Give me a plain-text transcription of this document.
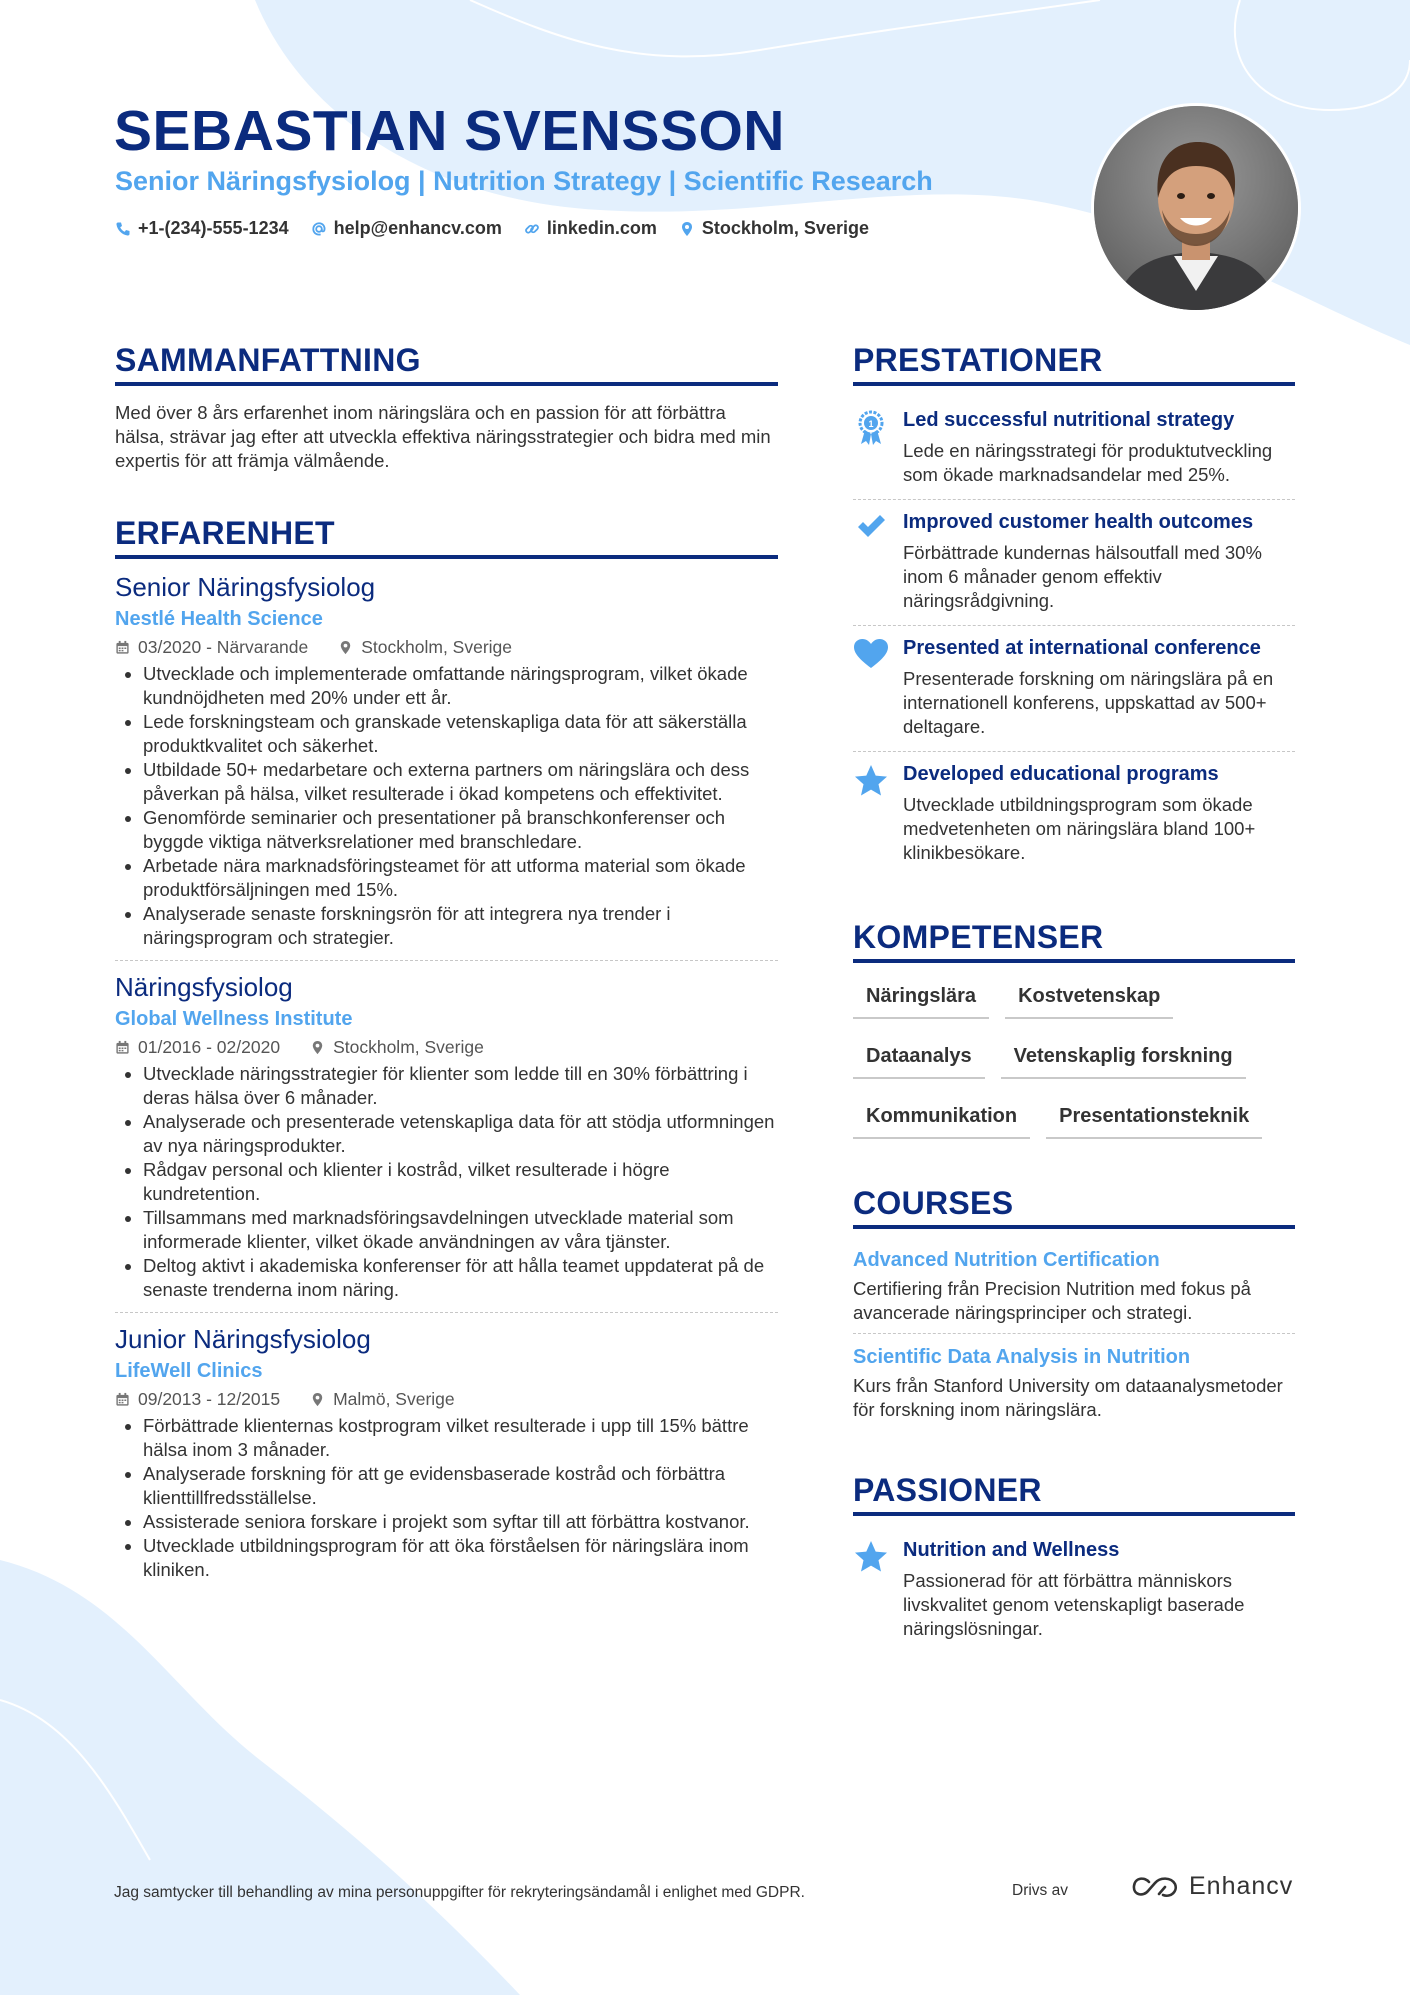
SEBASTIAN SVENSSON
Senior Näringsfysiolog | Nutrition Strategy | Scientific Research
+1-(234)-555-1234	help@enhancv.com	linkedin.com	Stockholm, Sverige
SAMMANFATTNING
Med över 8 års erfarenhet inom näringslära och en passion för att förbättra hälsa, strävar jag efter att utveckla effektiva näringsstrategier och bidra med min expertis för att främja välmående.
ERFARENHET
Senior Näringsfysiolog
Nestlé Health Science
03/2020 - Närvarande	Stockholm, Sverige
• Utvecklade och implementerade omfattande näringsprogram, vilket ökade kundnöjdheten med 20% under ett år.
• Lede forskningsteam och granskade vetenskapliga data för att säkerställa produktkvalitet och säkerhet.
• Utbildade 50+ medarbetare och externa partners om näringslära och dess påverkan på hälsa, vilket resulterade i ökad kompetens och effektivitet.
• Genomförde seminarier och presentationer på branschkonferenser och byggde viktiga nätverksrelationer med branschledare.
• Arbetade nära marknadsföringsteamet för att utforma material som ökade produktförsäljningen med 15%.
• Analyserade senaste forskningsrön för att integrera nya trender i näringsprogram och strategier.
Näringsfysiolog
Global Wellness Institute
01/2016 - 02/2020	Stockholm, Sverige
• Utvecklade näringsstrategier för klienter som ledde till en 30% förbättring i deras hälsa över 6 månader.
• Analyserade och presenterade vetenskapliga data för att stödja utformningen av nya näringsprodukter.
• Rådgav personal och klienter i kostråd, vilket resulterade i högre kundretention.
• Tillsammans med marknadsföringsavdelningen utvecklade material som informerade klienter, vilket ökade användningen av våra tjänster.
• Deltog aktivt i akademiska konferenser för att hålla teamet uppdaterat på de senaste trenderna inom näring.
Junior Näringsfysiolog
LifeWell Clinics
09/2013 - 12/2015	Malmö, Sverige
• Förbättrade klienternas kostprogram vilket resulterade i upp till 15% bättre hälsa inom 3 månader.
• Analyserade forskning för att ge evidensbaserade kostråd och förbättra klienttillfredsställelse.
• Assisterade seniora forskare i projekt som syftar till att förbättra kostvanor.
• Utvecklade utbildningsprogram för att öka förståelsen för näringslära inom kliniken.
PRESTATIONER
1 Led successful nutritional strategy
Lede en näringsstrategi för produktutveckling som ökade marknadsandelar med 25%.
Improved customer health outcomes
Förbättrade kundernas hälsoutfall med 30% inom 6 månader genom effektiv näringsrådgivning.
Presented at international conference
Presenterade forskning om näringslära på en internationell konferens, uppskattad av 500+ deltagare.
Developed educational programs
Utvecklade utbildningsprogram som ökade medvetenheten om näringslära bland 100+ klinikbesökare.
KOMPETENSER
Näringslära	Kostvetenskap
Dataanalys	Vetenskaplig forskning
Kommunikation	Presentationsteknik
COURSES
Advanced Nutrition Certification
Certifiering från Precision Nutrition med fokus på avancerade näringsprinciper och strategi.
Scientific Data Analysis in Nutrition
Kurs från Stanford University om dataanalysmetoder för forskning inom näringslära.
PASSIONER
Nutrition and Wellness
Passionerad för att förbättra människors livskvalitet genom vetenskapligt baserade näringslösningar.
Jag samtycker till behandling av mina personuppgifter för rekryteringsändamål i enlighet med GDPR.	Drivs av	Enhancv
